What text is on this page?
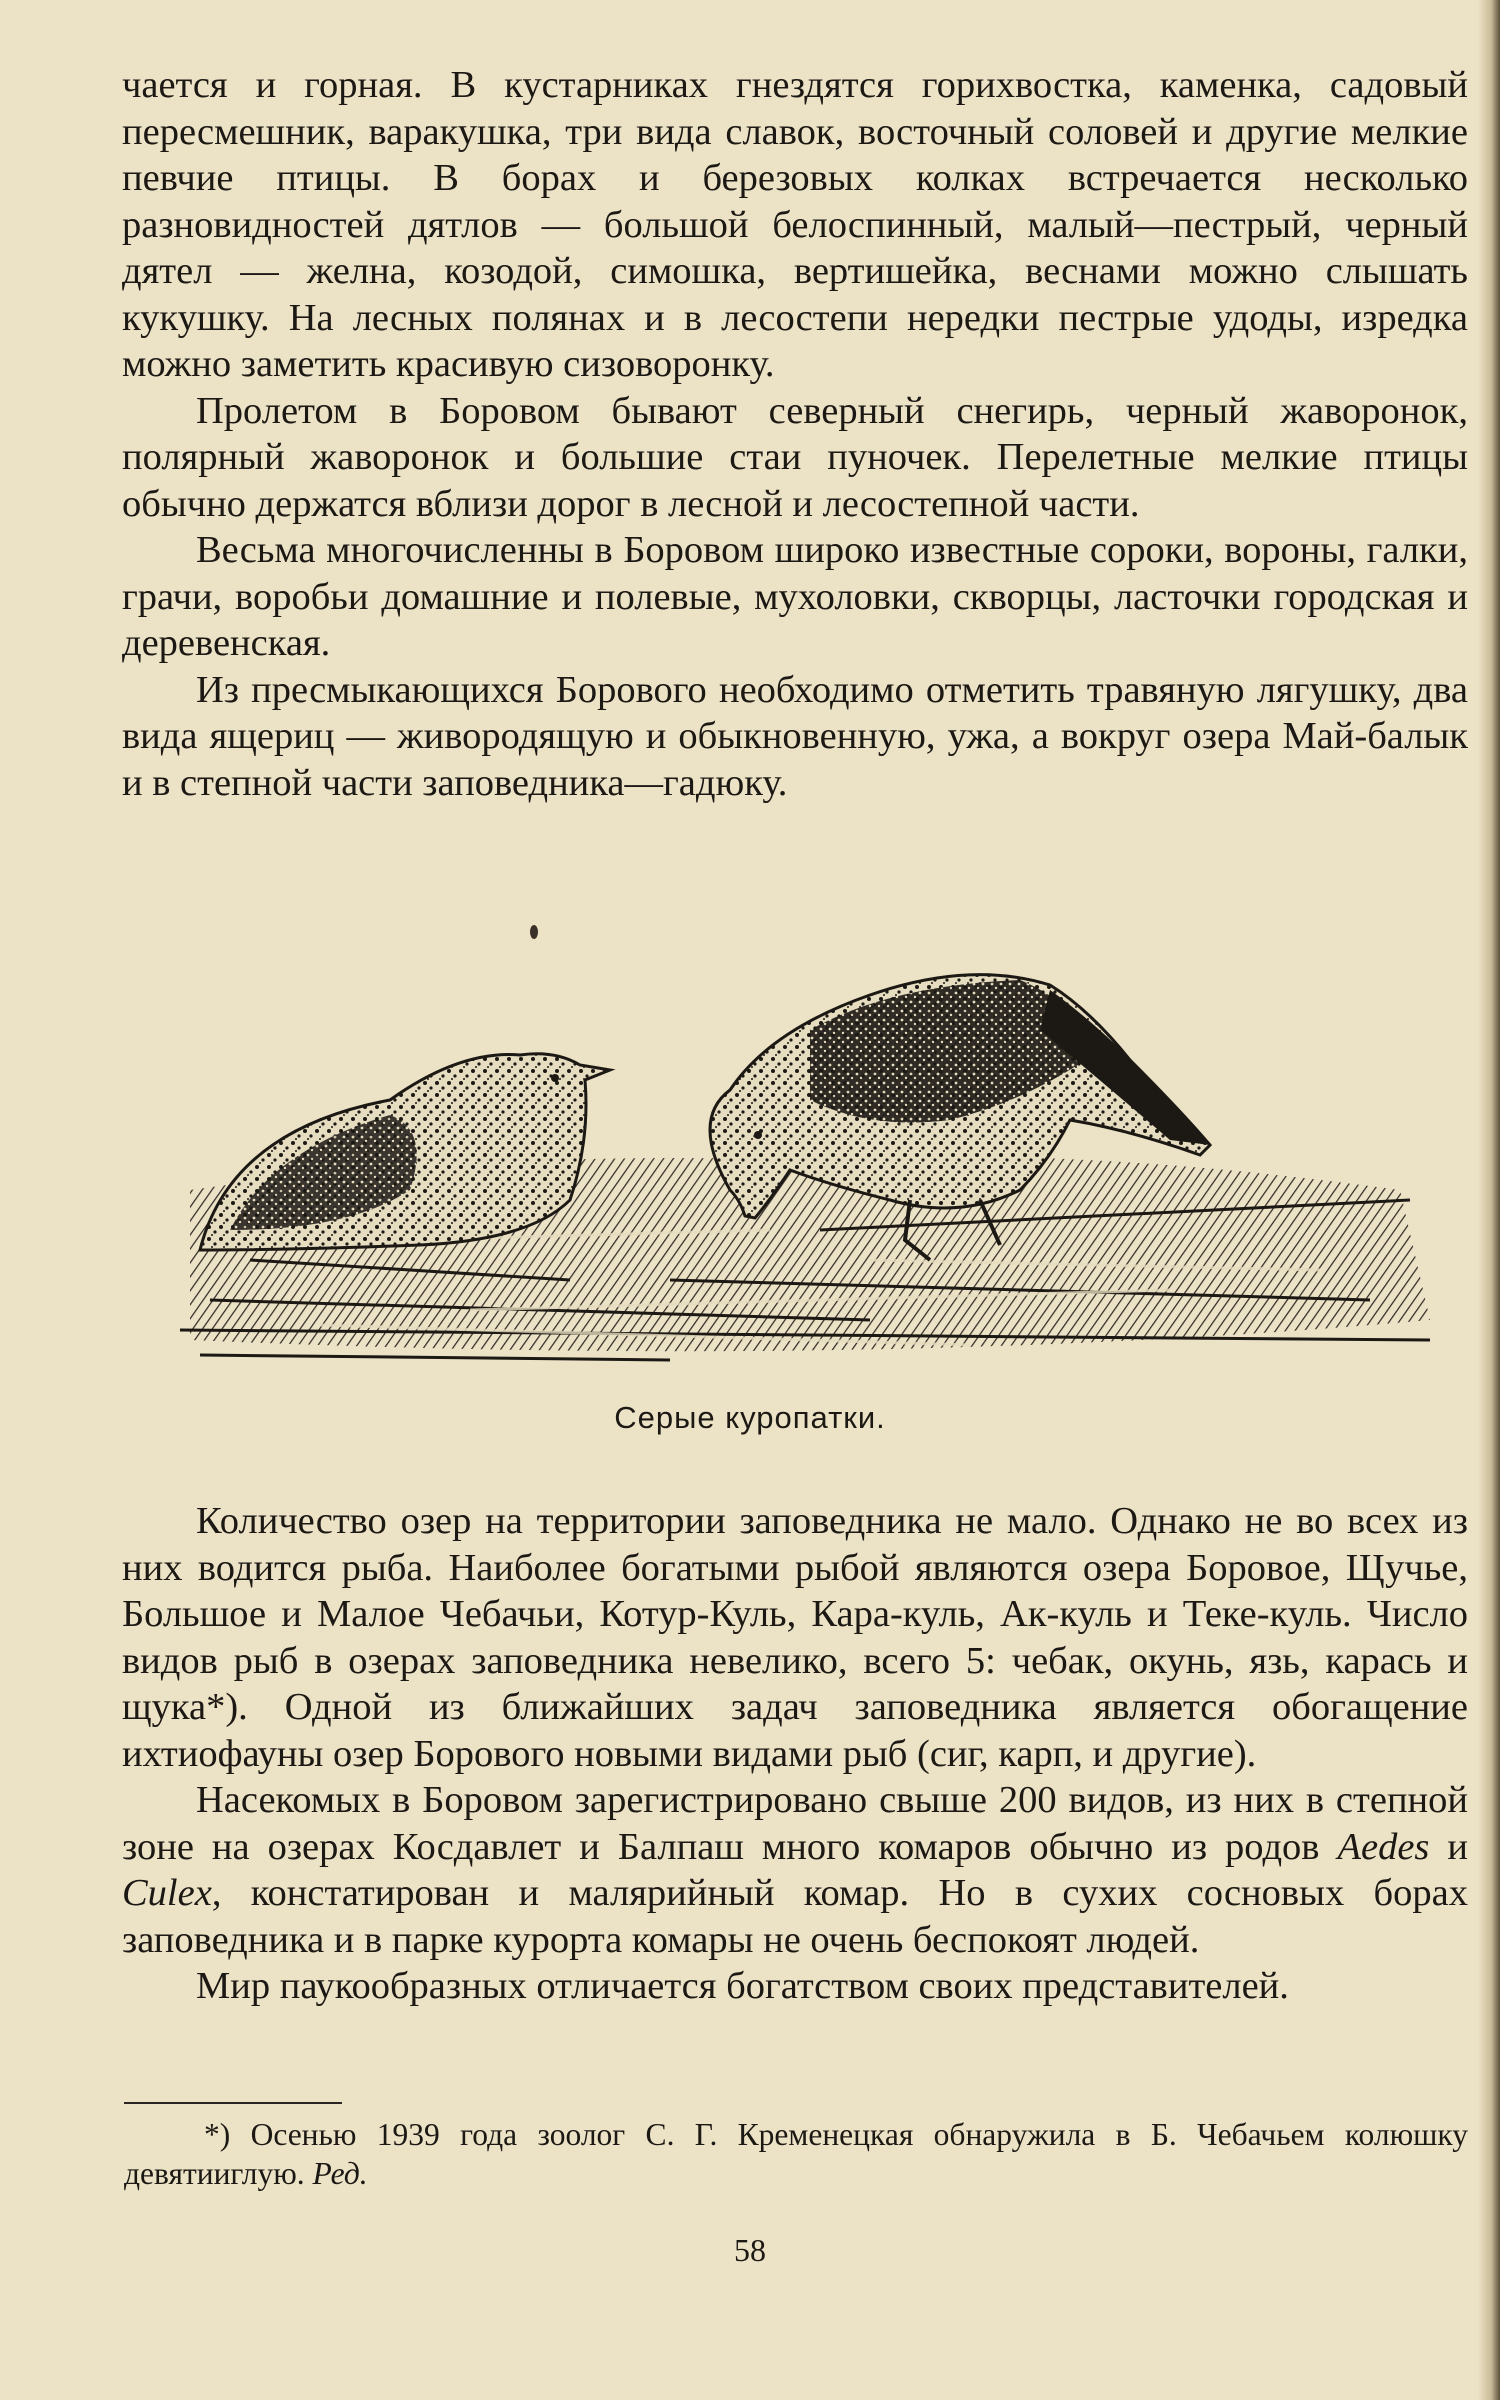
чается и горная. В кустарниках гнездятся горихвостка, каменка, садовый пересмешник, варакушка, три вида славок, восточный соловей и другие мелкие певчие птицы. В борах и березовых колках встречается несколько разновидностей дятлов — большой белоспинный, малый—пестрый, черный дятел — желна, козодой, симошка, вертишейка, веснами можно слышать кукушку. На лесных полянах и в лесостепи нередки пестрые удоды, изредка можно заметить красивую сизоворонку.

Пролетом в Боровом бывают северный снегирь, черный жаворонок, полярный жаворонок и большие стаи пуночек. Перелетные мелкие птицы обычно держатся вблизи дорог в лесной и лесостепной части.

Весьма многочисленны в Боровом широко известные сороки, вороны, галки, грачи, воробьи домашние и полевые, мухоловки, скворцы, ласточки городская и деревенская.

Из пресмыкающихся Борового необходимо отметить травяную лягушку, два вида ящериц — живородящую и обыкновенную, ужа, а вокруг озера Май-балык и в степной части заповедника—гадюку.

Серые куропатки.

Количество озер на территории заповедника не мало. Однако не во всех из них водится рыба. Наиболее богатыми рыбой являются озера Боровое, Щучье, Большое и Малое Чебачьи, Котур-Куль, Кара-куль, Ак-куль и Теке-куль. Число видов рыб в озерах заповедника невелико, всего 5: чебак, окунь, язь, карась и щука*). Одной из ближайших задач заповедника является обогащение ихтиофауны озер Борового новыми видами рыб (сиг, карп, и другие).

Насекомых в Боровом зарегистрировано свыше 200 видов, из них в степной зоне на озерах Косдавлет и Балпаш много комаров обычно из родов Aedes и Culex, констатирован и малярийный комар. Но в сухих сосновых борах заповедника и в парке курорта комары не очень беспокоят людей.

Мир паукообразных отличается богатством своих представителей.

*) Осенью 1939 года зоолог С. Г. Кременецкая обнаружила в Б. Чебачьем колюшку девятииглую. Ред.

58
